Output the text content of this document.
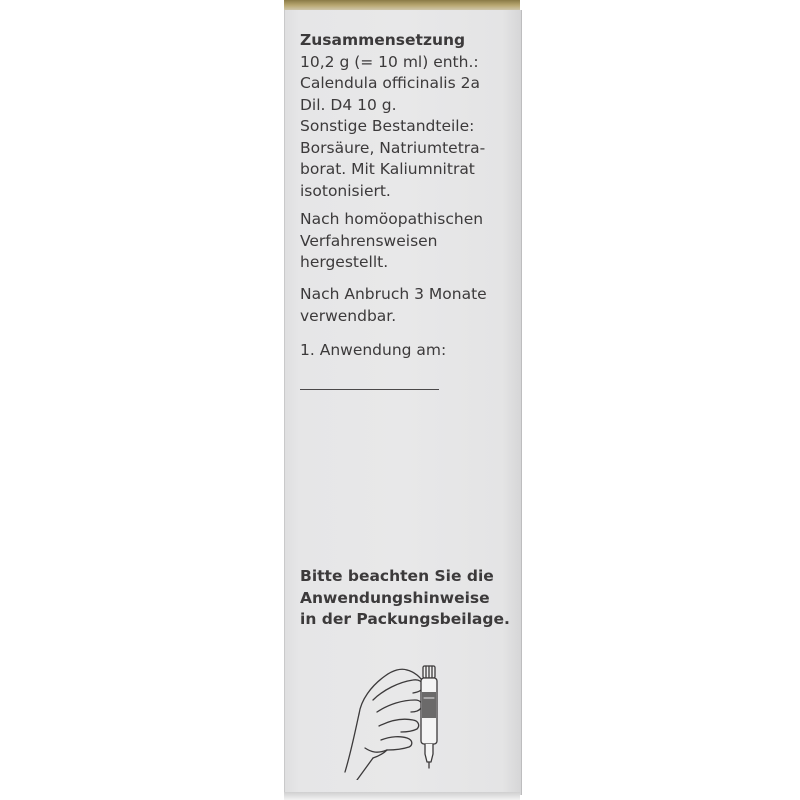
Zusammensetzung

10,2 g (= 10 ml) enth.:

Calendula officinalis 2a

Dil. D4 10 g.

Sonstige Bestandteile:

Borsäure, Natriumtetra-

borat. Mit Kaliumnitrat

isotonisiert.

Nach homöopathischen

Verfahrensweisen

hergestellt.

Nach Anbruch 3 Monate

verwendbar.

1. Anwendung am:

Bitte beachten Sie die

Anwendungshinweise

in der Packungsbeilage.
